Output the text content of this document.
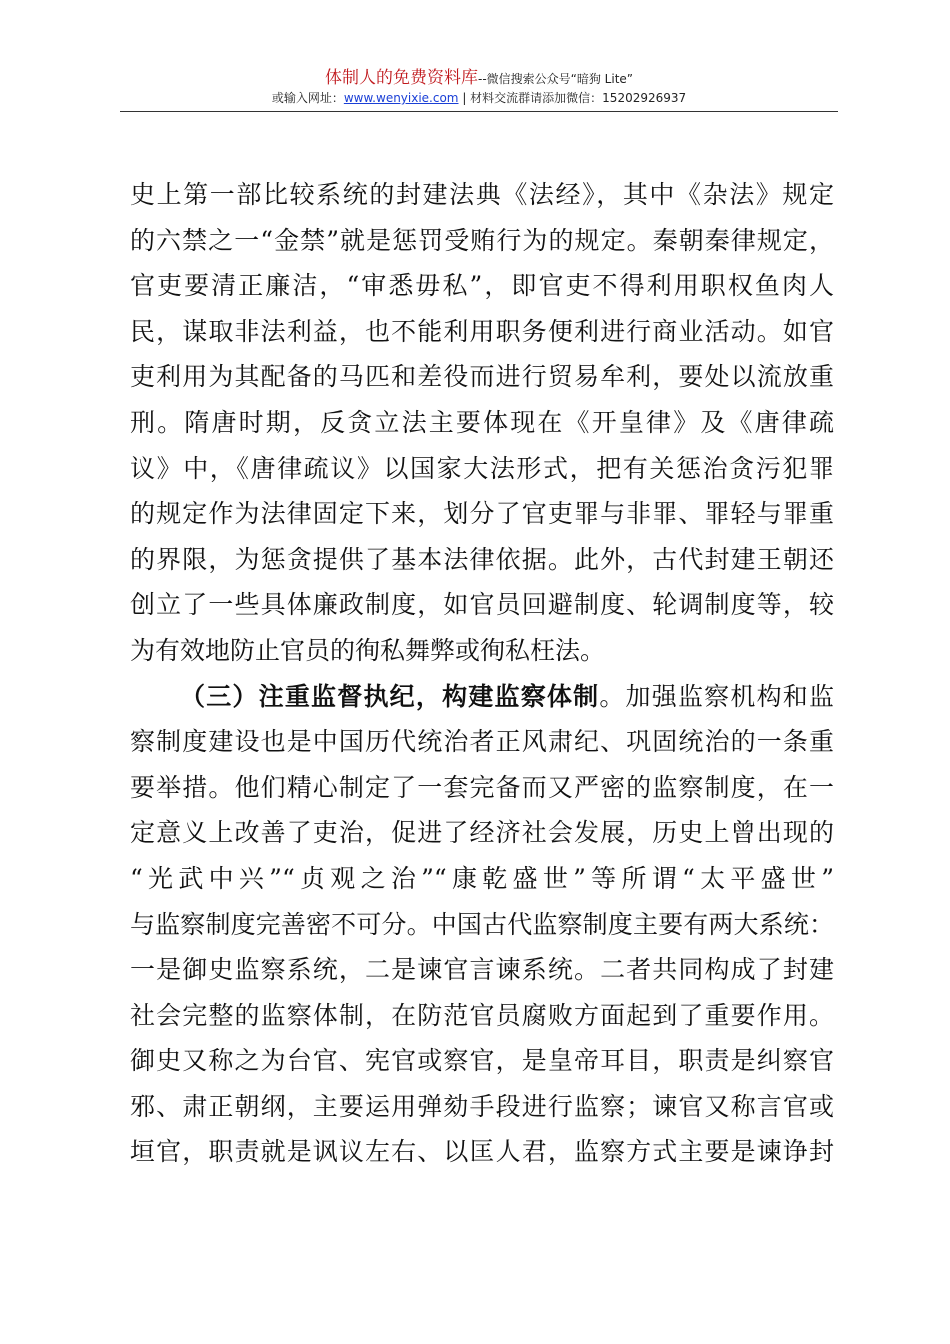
体制人的免费资料库--微信搜索公众号“暗狗 Lite”
或输入网址：www.wenyixie.com | 材料交流群请添加微信：15202926937
史上第一部比较系统的封建法典《法经》，其中《杂法》规定
的六禁之一“金禁”就是惩罚受贿行为的规定。秦朝秦律规定，
官吏要清正廉洁，“审悉毋私”，即官吏不得利用职权鱼肉人
民，谋取非法利益，也不能利用职务便利进行商业活动。如官
吏利用为其配备的马匹和差役而进行贸易牟利，要处以流放重
刑。隋唐时期，反贪立法主要体现在《开皇律》及《唐律疏
议》中，《唐律疏议》以国家大法形式，把有关惩治贪污犯罪
的规定作为法律固定下来，划分了官吏罪与非罪、罪轻与罪重
的界限，为惩贪提供了基本法律依据。此外，古代封建王朝还
创立了一些具体廉政制度，如官员回避制度、轮调制度等，较
为有效地防止官员的徇私舞弊或徇私枉法。
（三）注重监督执纪，构建监察体制。加强监察机构和监
察制度建设也是中国历代统治者正风肃纪、巩固统治的一条重
要举措。他们精心制定了一套完备而又严密的监察制度，在一
定意义上改善了吏治，促进了经济社会发展，历史上曾出现的
“光武中兴”“贞观之治”“康乾盛世”等所谓“太平盛世”
与监察制度完善密不可分。中国古代监察制度主要有两大系统：
一是御史监察系统，二是谏官言谏系统。二者共同构成了封建
社会完整的监察体制，在防范官员腐败方面起到了重要作用。
御史又称之为台官、宪官或察官，是皇帝耳目，职责是纠察官
邪、肃正朝纲，主要运用弹劾手段进行监察；谏官又称言官或
垣官，职责就是讽议左右、以匡人君，监察方式主要是谏诤封
